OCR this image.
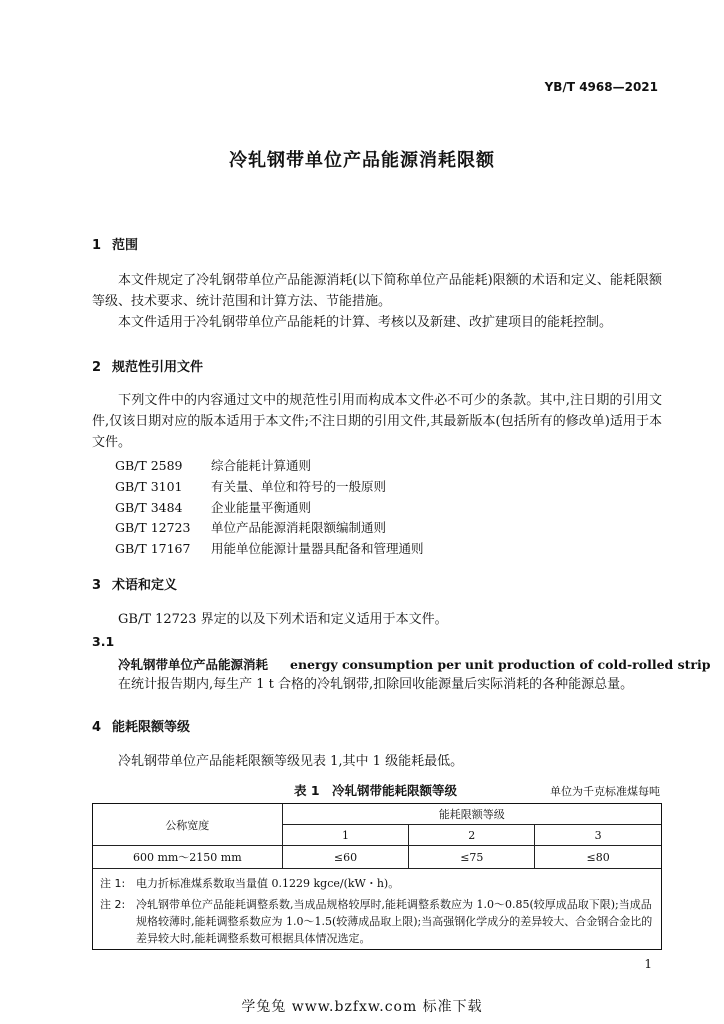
YB/T 4968—2021
冷轧钢带单位产品能源消耗限额
1 范围
本文件规定了冷轧钢带单位产品能源消耗(以下简称单位产品能耗)限额的术语和定义、能耗限额等级、技术要求、统计范围和计算方法、节能措施。
本文件适用于冷轧钢带单位产品能耗的计算、考核以及新建、改扩建项目的能耗控制。
2 规范性引用文件
下列文件中的内容通过文中的规范性引用而构成本文件必不可少的条款。其中,注日期的引用文件,仅该日期对应的版本适用于本文件;不注日期的引用文件,其最新版本(包括所有的修改单)适用于本文件。
GB/T 2589 综合能耗计算通则
GB/T 3101 有关量、单位和符号的一般原则
GB/T 3484 企业能量平衡通则
GB/T 12723 单位产品能源消耗限额编制通则
GB/T 17167 用能单位能源计量器具配备和管理通则
3 术语和定义
GB/T 12723 界定的以及下列术语和定义适用于本文件。
3.1
冷轧钢带单位产品能源消耗 energy consumption per unit production of cold-rolled strip
在统计报告期内,每生产 1 t 合格的冷轧钢带,扣除回收能源量后实际消耗的各种能源总量。
4 能耗限额等级
冷轧钢带单位产品能耗限额等级见表 1,其中 1 级能耗最低。
表 1　冷轧钢带能耗限额等级	单位为千克标准煤每吨
公称宽度	能耗限额等级		
	1	2	3
600 mm～2150 mm	≤60	≤75	≤80
注 1: 电力折标准煤系数取当量值 0.1229 kgce/(kW・h)。
注 2: 冷轧钢带单位产品能耗调整系数,当成品规格较厚时,能耗调整系数应为 1.0～0.85(较厚成品取下限);当成品规格较薄时,能耗调整系数应为 1.0～1.5(较薄成品取上限);当高强钢化学成分的差异较大、合金钢合金比的差异较大时,能耗调整系数可根据具体情况选定。
1
学兔兔 www.bzfxw.com 标准下载
